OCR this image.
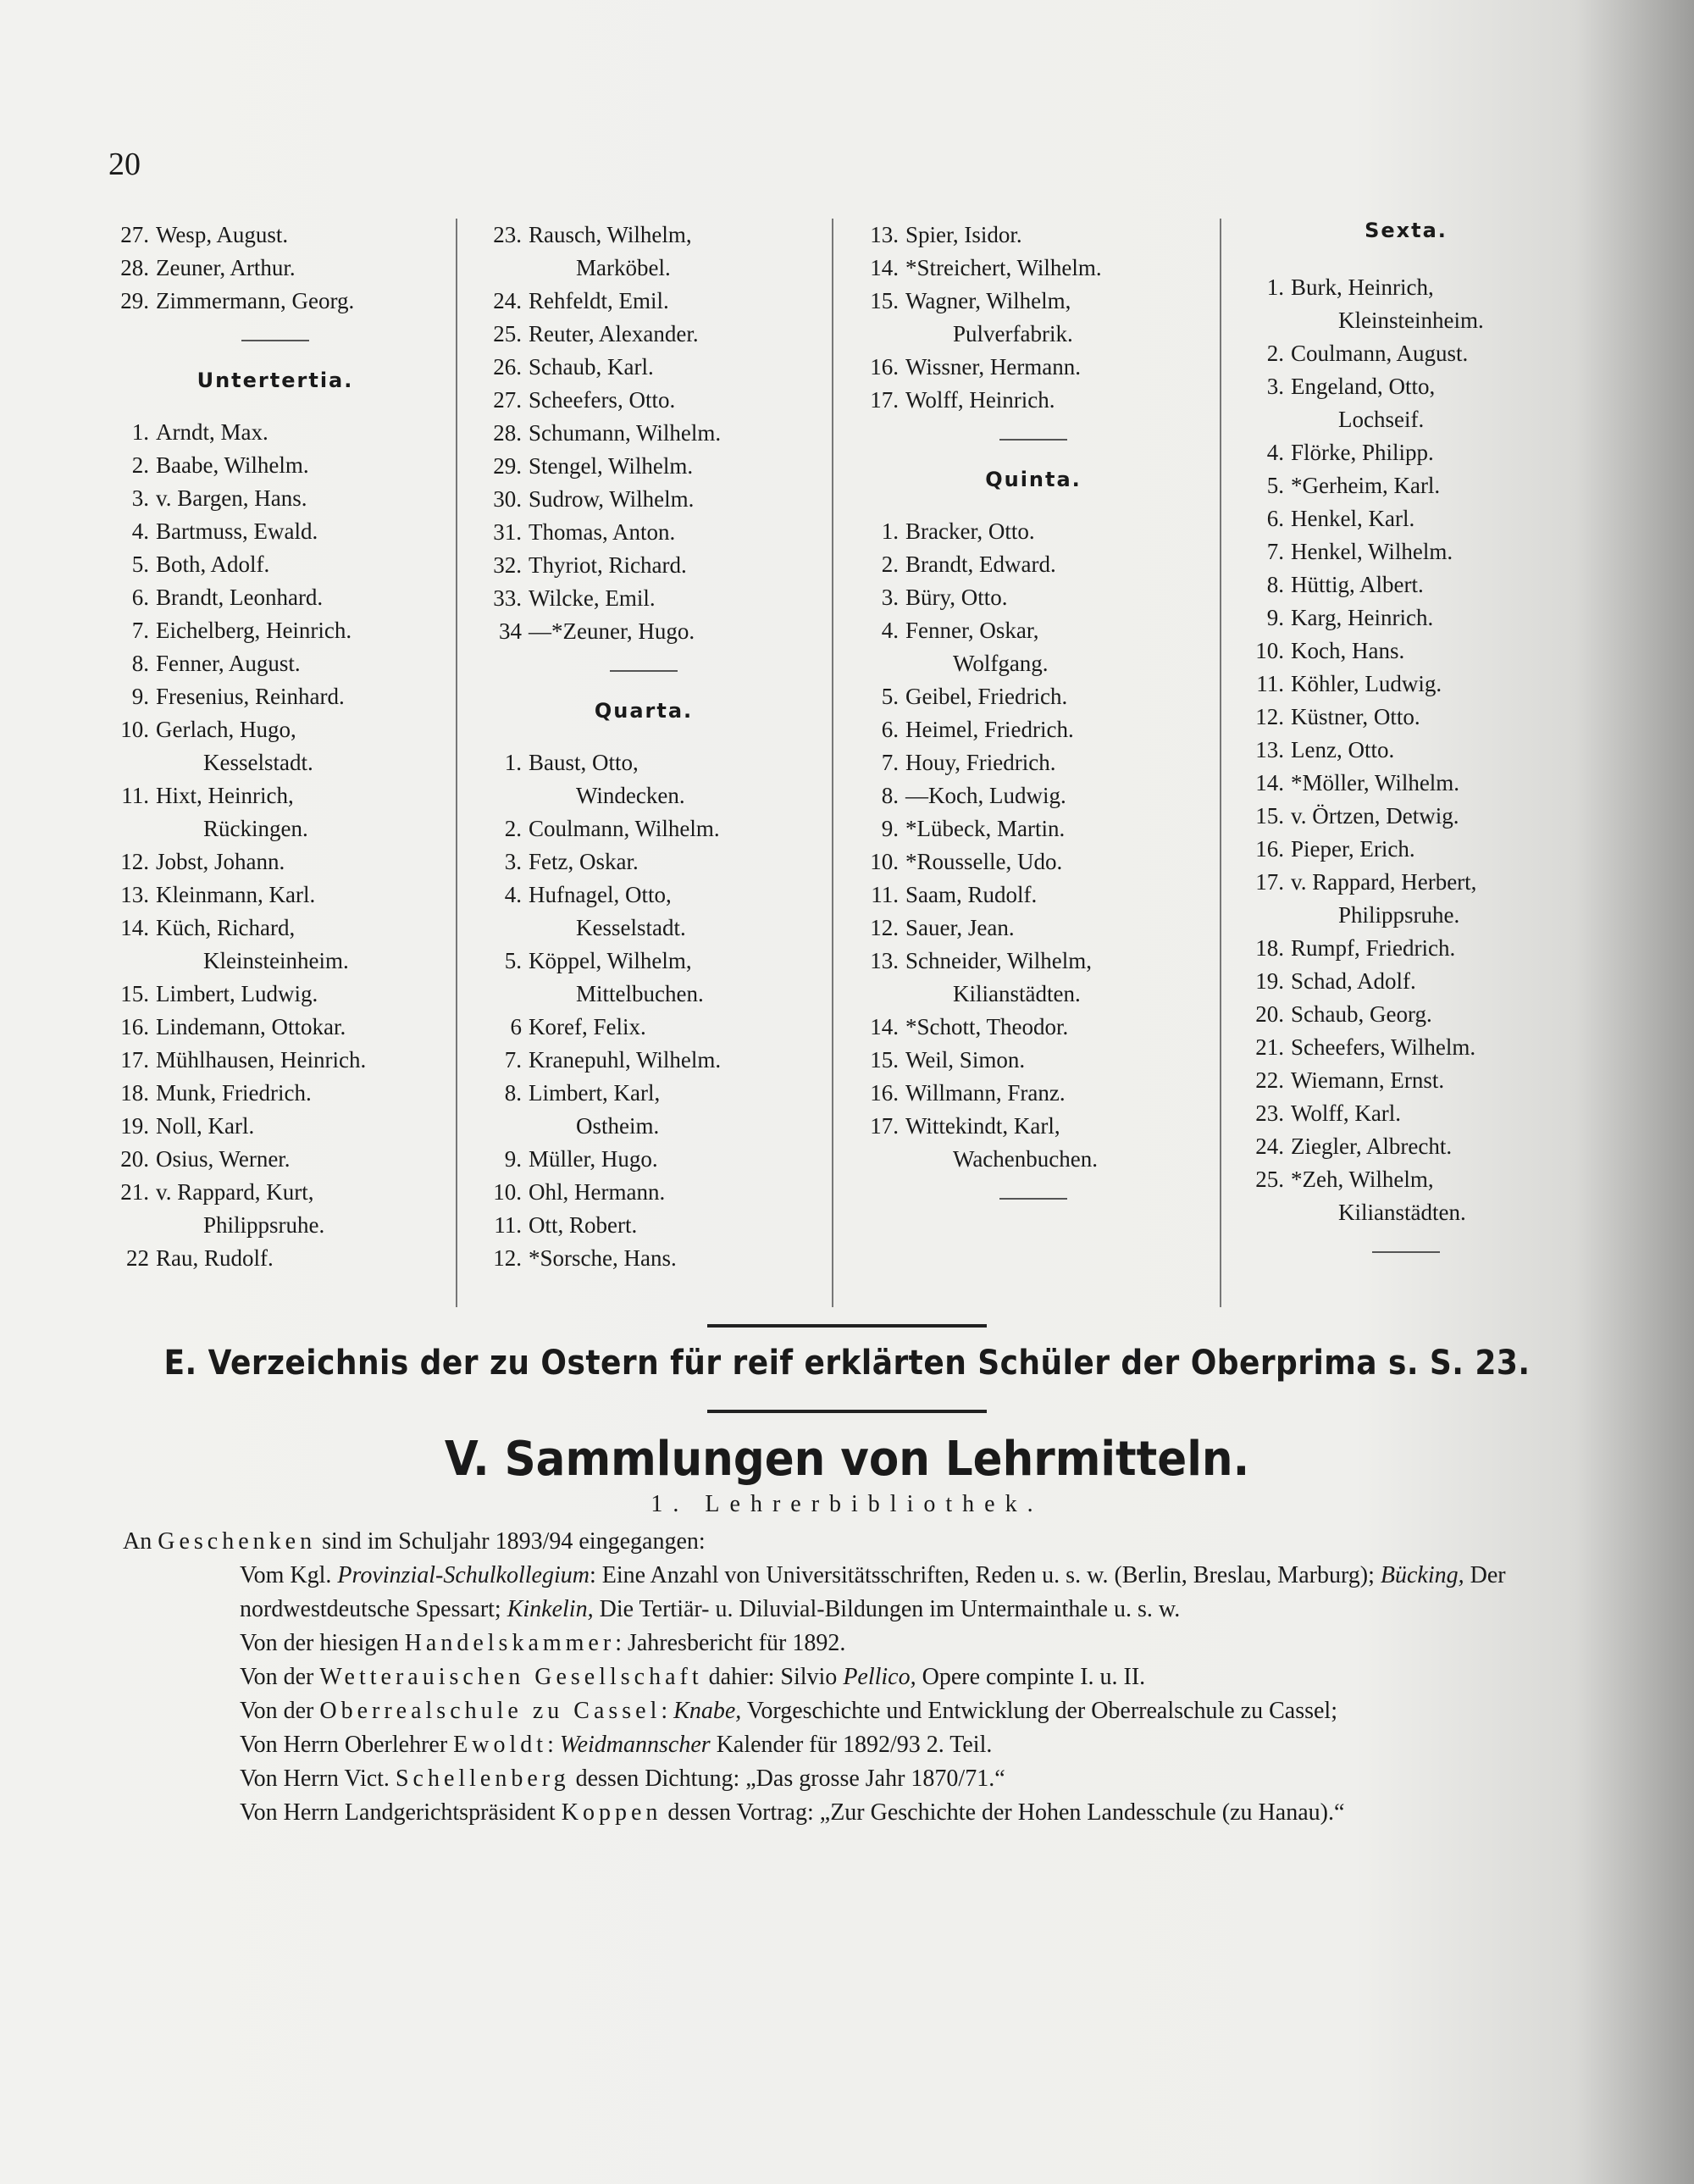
20
27. Wesp, August.
28. Zeuner, Arthur.
29. Zimmermann, Georg.
Untertertia.
1. Arndt, Max.
2. Baabe, Wilhelm.
3. v. Bargen, Hans.
4. Bartmuss, Ewald.
5. Both, Adolf.
6. Brandt, Leonhard.
7. Eichelberg, Heinrich.
8. Fenner, August.
9. Fresenius, Reinhard.
10. Gerlach, Hugo,
Kesselstadt.
11. Hixt, Heinrich,
Rückingen.
12. Jobst, Johann.
13. Kleinmann, Karl.
14. Küch, Richard,
Kleinsteinheim.
15. Limbert, Ludwig.
16. Lindemann, Ottokar.
17. Mühlhausen, Heinrich.
18. Munk, Friedrich.
19. Noll, Karl.
20. Osius, Werner.
21. v. Rappard, Kurt,
Philippsruhe.
22 Rau, Rudolf.
23. Rausch, Wilhelm,
Marköbel.
24. Rehfeldt, Emil.
25. Reuter, Alexander.
26. Schaub, Karl.
27. Scheefers, Otto.
28. Schumann, Wilhelm.
29. Stengel, Wilhelm.
30. Sudrow, Wilhelm.
31. Thomas, Anton.
32. Thyriot, Richard.
33. Wilcke, Emil.
34 —*Zeuner, Hugo.
Quarta.
1. Baust, Otto,
Windecken.
2. Coulmann, Wilhelm.
3. Fetz, Oskar.
4. Hufnagel, Otto,
Kesselstadt.
5. Köppel, Wilhelm,
Mittelbuchen.
6 Koref, Felix.
7. Kranepuhl, Wilhelm.
8. Limbert, Karl,
Ostheim.
9. Müller, Hugo.
10. Ohl, Hermann.
11. Ott, Robert.
12. *Sorsche, Hans.
13. Spier, Isidor.
14. *Streichert, Wilhelm.
15. Wagner, Wilhelm,
Pulverfabrik.
16. Wissner, Hermann.
17. Wolff, Heinrich.
Quinta.
1. Bracker, Otto.
2. Brandt, Edward.
3. Büry, Otto.
4. Fenner, Oskar,
Wolfgang.
5. Geibel, Friedrich.
6. Heimel, Friedrich.
7. Houy, Friedrich.
8. —Koch, Ludwig.
9. *Lübeck, Martin.
10. *Rousselle, Udo.
11. Saam, Rudolf.
12. Sauer, Jean.
13. Schneider, Wilhelm,
Kilianstädten.
14. *Schott, Theodor.
15. Weil, Simon.
16. Willmann, Franz.
17. Wittekindt, Karl,
Wachenbuchen.
Sexta.
1. Burk, Heinrich,
Kleinsteinheim.
2. Coulmann, August.
3. Engeland, Otto,
Lochseif.
4. Flörke, Philipp.
5. *Gerheim, Karl.
6. Henkel, Karl.
7. Henkel, Wilhelm.
8. Hüttig, Albert.
9. Karg, Heinrich.
10. Koch, Hans.
11. Köhler, Ludwig.
12. Küstner, Otto.
13. Lenz, Otto.
14. *Möller, Wilhelm.
15. v. Örtzen, Detwig.
16. Pieper, Erich.
17. v. Rappard, Herbert,
Philippsruhe.
18. Rumpf, Friedrich.
19. Schad, Adolf.
20. Schaub, Georg.
21. Scheefers, Wilhelm.
22. Wiemann, Ernst.
23. Wolff, Karl.
24. Ziegler, Albrecht.
25. *Zeh, Wilhelm,
Kilianstädten.
E. Verzeichnis der zu Ostern für reif erklärten Schüler der Oberprima s. S. 23.
V. Sammlungen von Lehrmitteln.
1. Lehrerbibliothek.

An Geschenken sind im Schuljahr 1893/94 eingegangen:

Vom Kgl. Provinzial-Schulkollegium: Eine Anzahl von Universitätsschriften, Reden u. s. w. (Berlin, Breslau, Marburg); Bücking, Der nordwestdeutsche Spessart; Kinkelin, Die Tertiär- u. Diluvial-Bildungen im Untermainthale u. s. w.

Von der hiesigen Handelskammer: Jahresbericht für 1892.

Von der Wetterauischen Gesellschaft dahier: Silvio Pellico, Opere compinte I. u. II.

Von der Oberrealschule zu Cassel: Knabe, Vorgeschichte und Entwicklung der Oberrealschule zu Cassel;

Von Herrn Oberlehrer Ewoldt: Weidmannscher Kalender für 1892/93 2. Teil.

Von Herrn Vict. Schellenberg dessen Dichtung: „Das grosse Jahr 1870/71.“

Von Herrn Landgerichtspräsident Koppen dessen Vortrag: „Zur Geschichte der Hohen Landesschule (zu Hanau).“
